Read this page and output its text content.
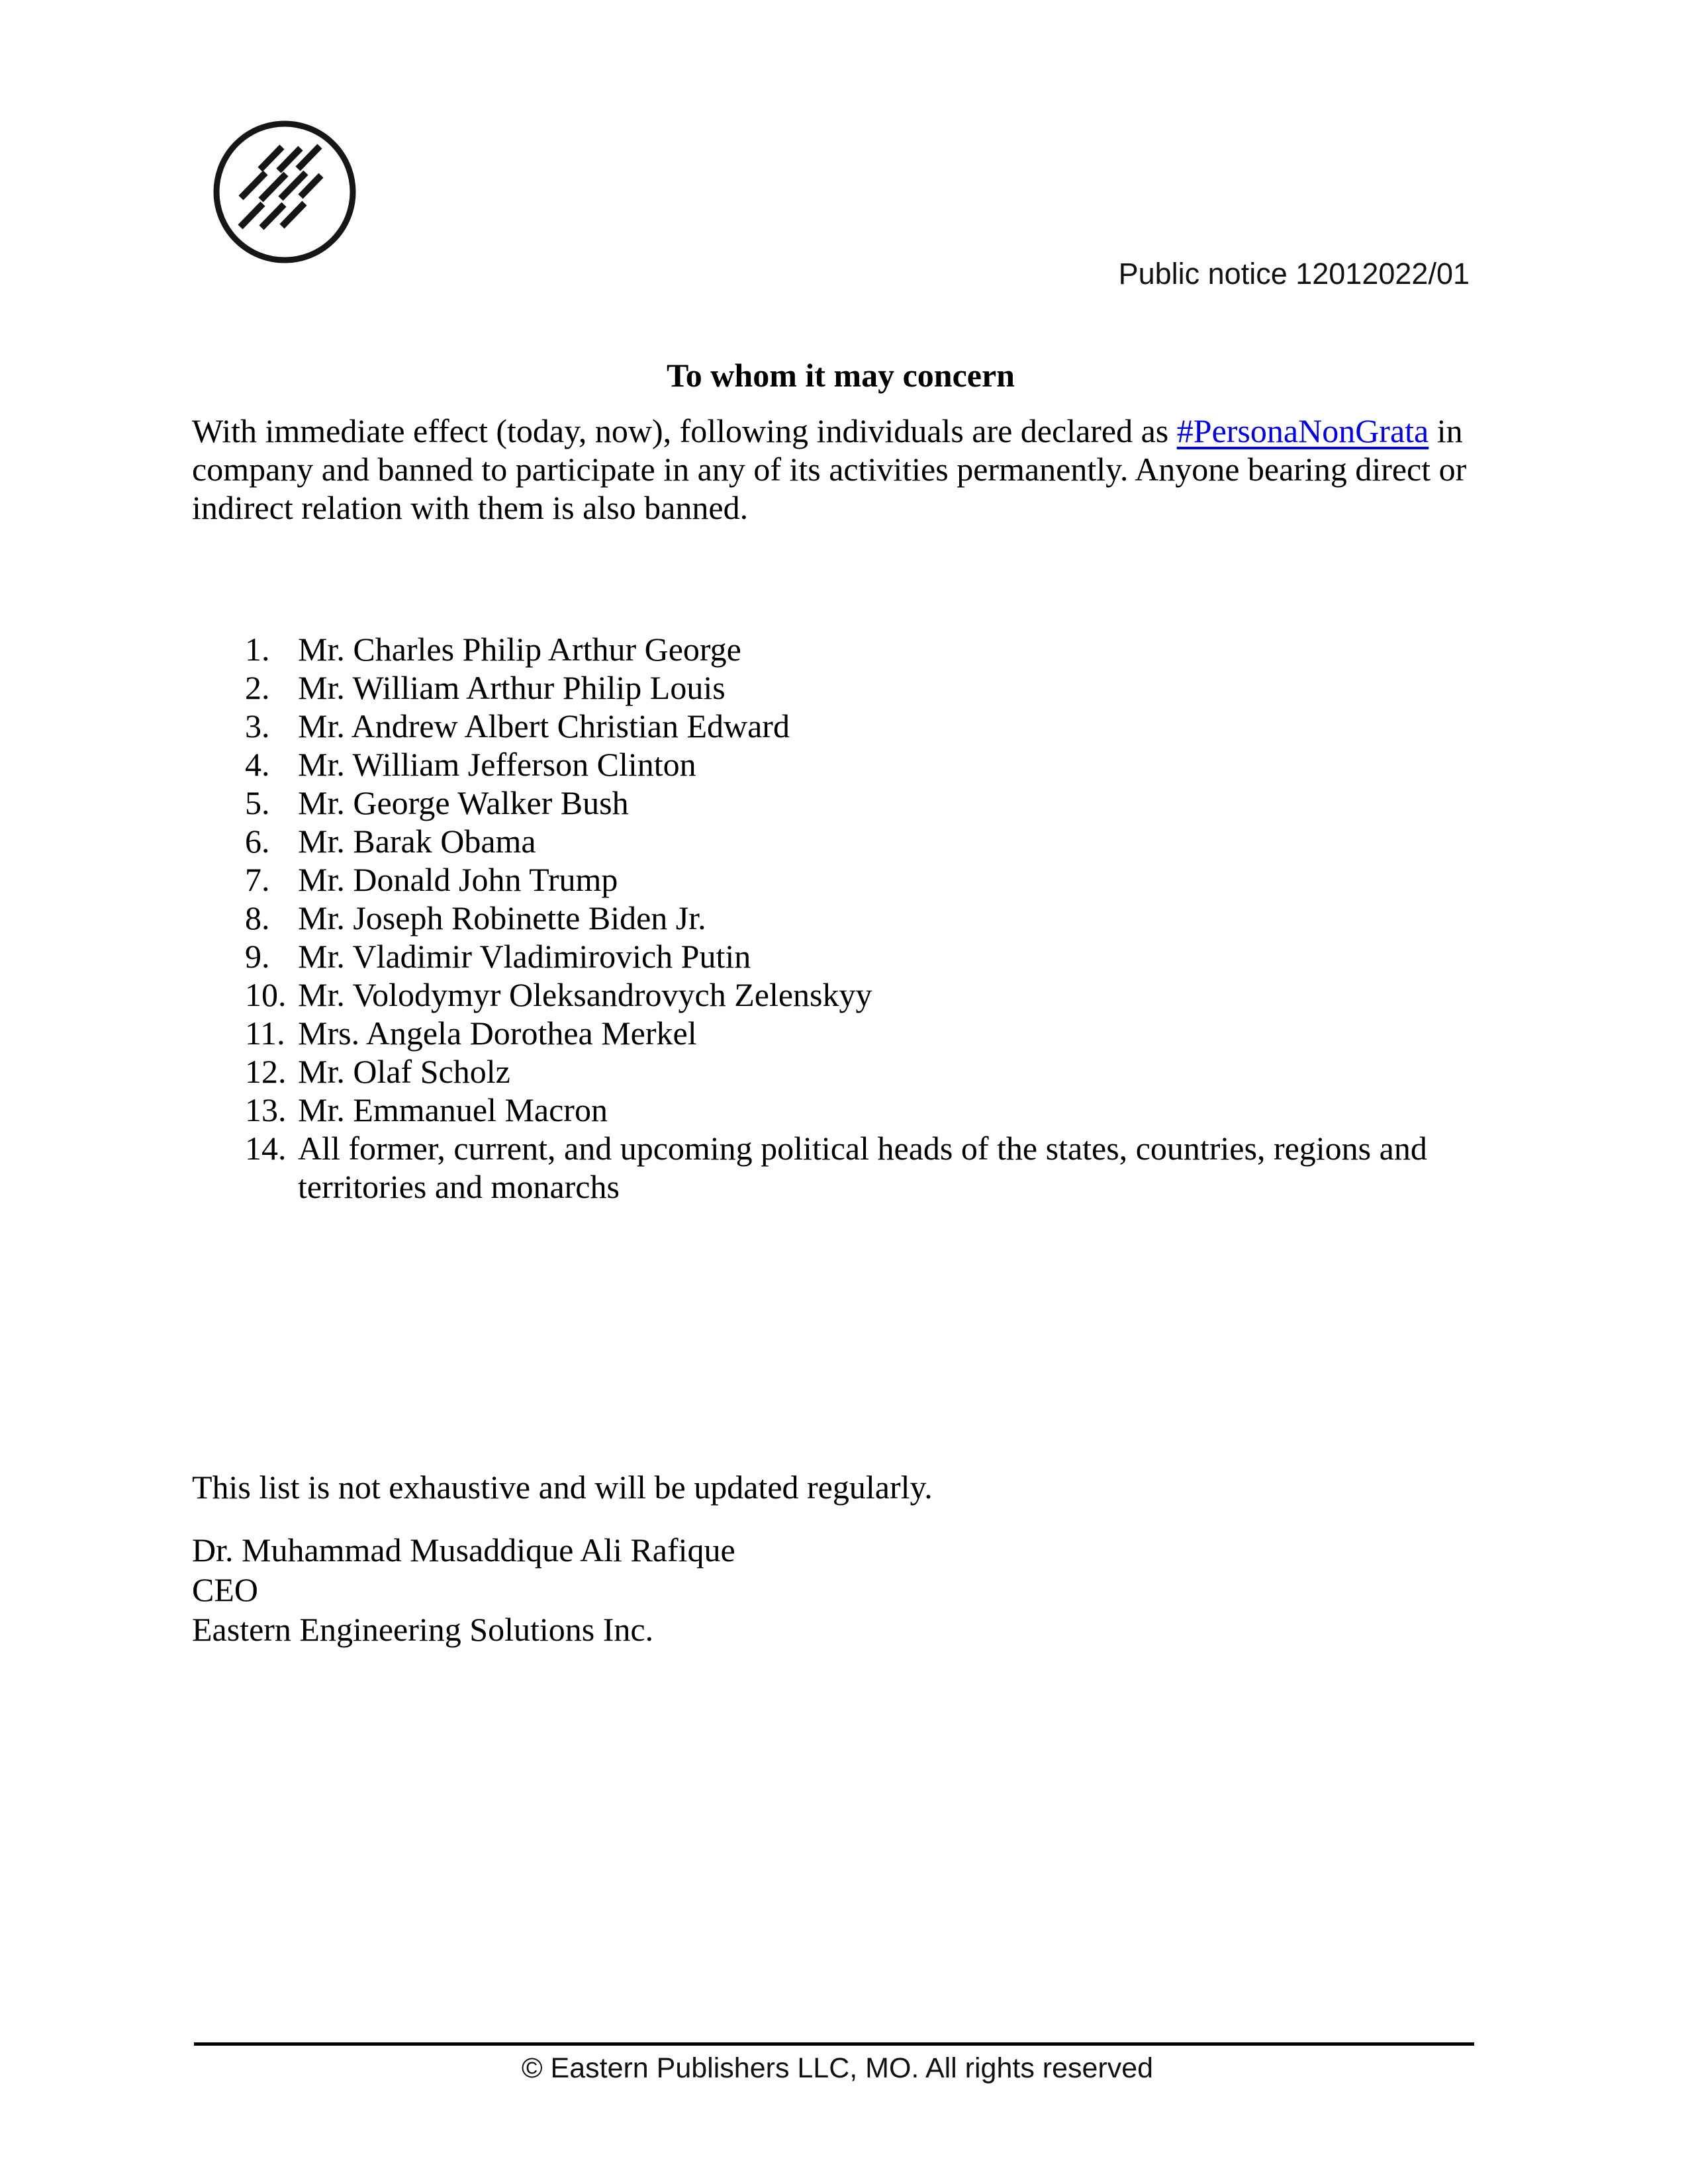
Public notice 12012022/01
To whom it may concern
With immediate effect (today, now), following individuals are declared as #PersonaNonGrata in
company and banned to participate in any of its activities permanently. Anyone bearing direct or
indirect relation with them is also banned.
1. Mr. Charles Philip Arthur George
2. Mr. William Arthur Philip Louis
3. Mr. Andrew Albert Christian Edward
4. Mr. William Jefferson Clinton
5. Mr. George Walker Bush
6. Mr. Barak Obama
7. Mr. Donald John Trump
8. Mr. Joseph Robinette Biden Jr.
9. Mr. Vladimir Vladimirovich Putin
10. Mr. Volodymyr Oleksandrovych Zelenskyy
11. Mrs. Angela Dorothea Merkel
12. Mr. Olaf Scholz
13. Mr. Emmanuel Macron
14. All former, current, and upcoming political heads of the states, countries, regions and
territories and monarchs
This list is not exhaustive and will be updated regularly.
Dr. Muhammad Musaddique Ali Rafique
CEO
Eastern Engineering Solutions Inc.
© Eastern Publishers LLC, MO. All rights reserved
